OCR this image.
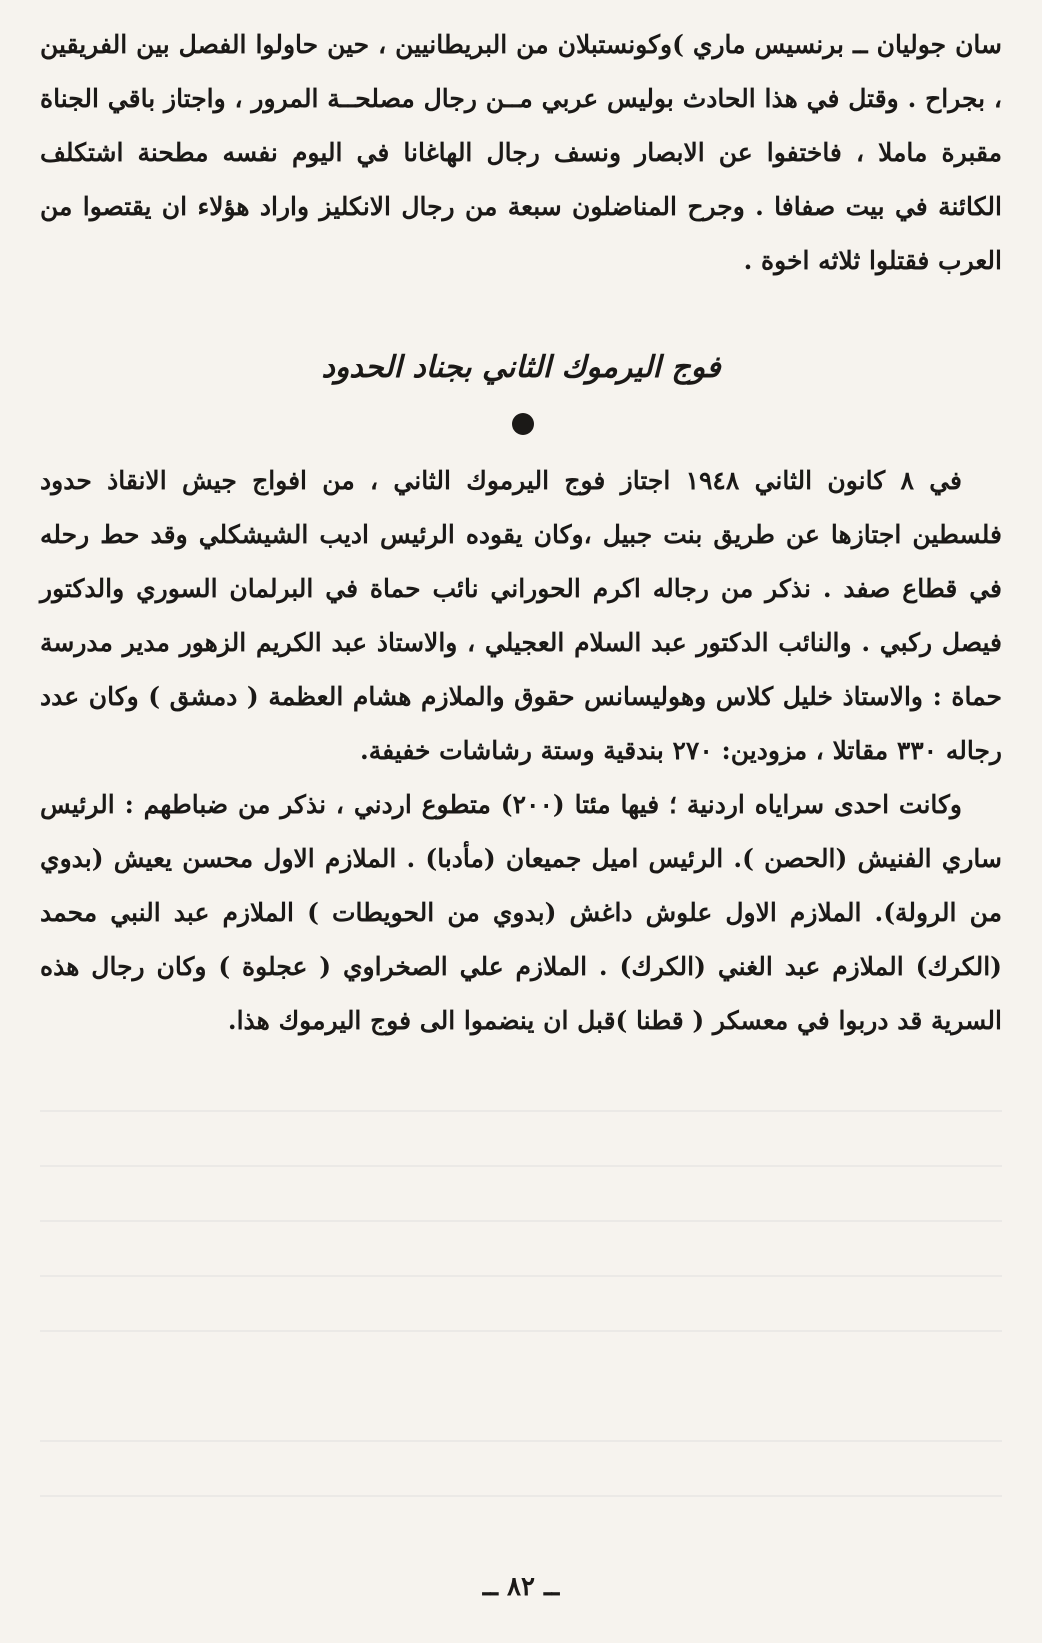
سان جوليان ــ برنسيس ماري )وكونستبلان من البريطانيين ، حين حاولوا الفصل بين الفريقين ، بجراح . وقتل في هذا الحادث بوليس عربي مــن رجال مصلحــة المرور ، واجتاز باقي الجناة مقبرة ماملا ، فاختفوا عن الابصار ونسف رجال الهاغانا في اليوم نفسه مطحنة اشتكلف الكائنة في بيت صفافا . وجرح المناضلون سبعة من رجال الانكليز واراد هؤلاء ان يقتصوا من العرب فقتلوا ثلاثه اخوة .

فوج اليرموك الثاني بجناد الحدود

في ٨ كانون الثاني ١٩٤٨ اجتاز فوج اليرموك الثاني ، من افواج جيش الانقاذ حدود فلسطين اجتازها عن طريق بنت جبيل ،وكان يقوده الرئيس اديب الشيشكلي وقد حط رحله في قطاع صفد . نذكر من رجاله اكرم الحوراني نائب حماة في البرلمان السوري والدكتور فيصل ركبي . والنائب الدكتور عبد السلام العجيلي ، والاستاذ عبد الكريم الزهور مدير مدرسة حماة : والاستاذ خليل كلاس وهوليسانس حقوق والملازم هشام العظمة ( دمشق ) وكان عدد رجاله ٣٣٠ مقاتلا ، مزودين: ٢٧٠ بندقية وستة رشاشات خفيفة.

وكانت احدى سراياه اردنية ؛ فيها مئتا (٢٠٠) متطوع اردني ، نذكر من ضباطهم : الرئيس ساري الفنيش (الحصن ). الرئيس اميل جميعان (مأدبا) . الملازم الاول محسن يعيش (بدوي من الرولة). الملازم الاول علوش داغش (بدوي من الحويطات ) الملازم عبد النبي محمد (الكرك) الملازم عبد الغني (الكرك) . الملازم علي الصخراوي ( عجلوة ) وكان رجال هذه السرية قد دربوا في معسكر ( قطنا )قبل ان ينضموا الى فوج اليرموك هذا.

ــ ٨٢ ــ
